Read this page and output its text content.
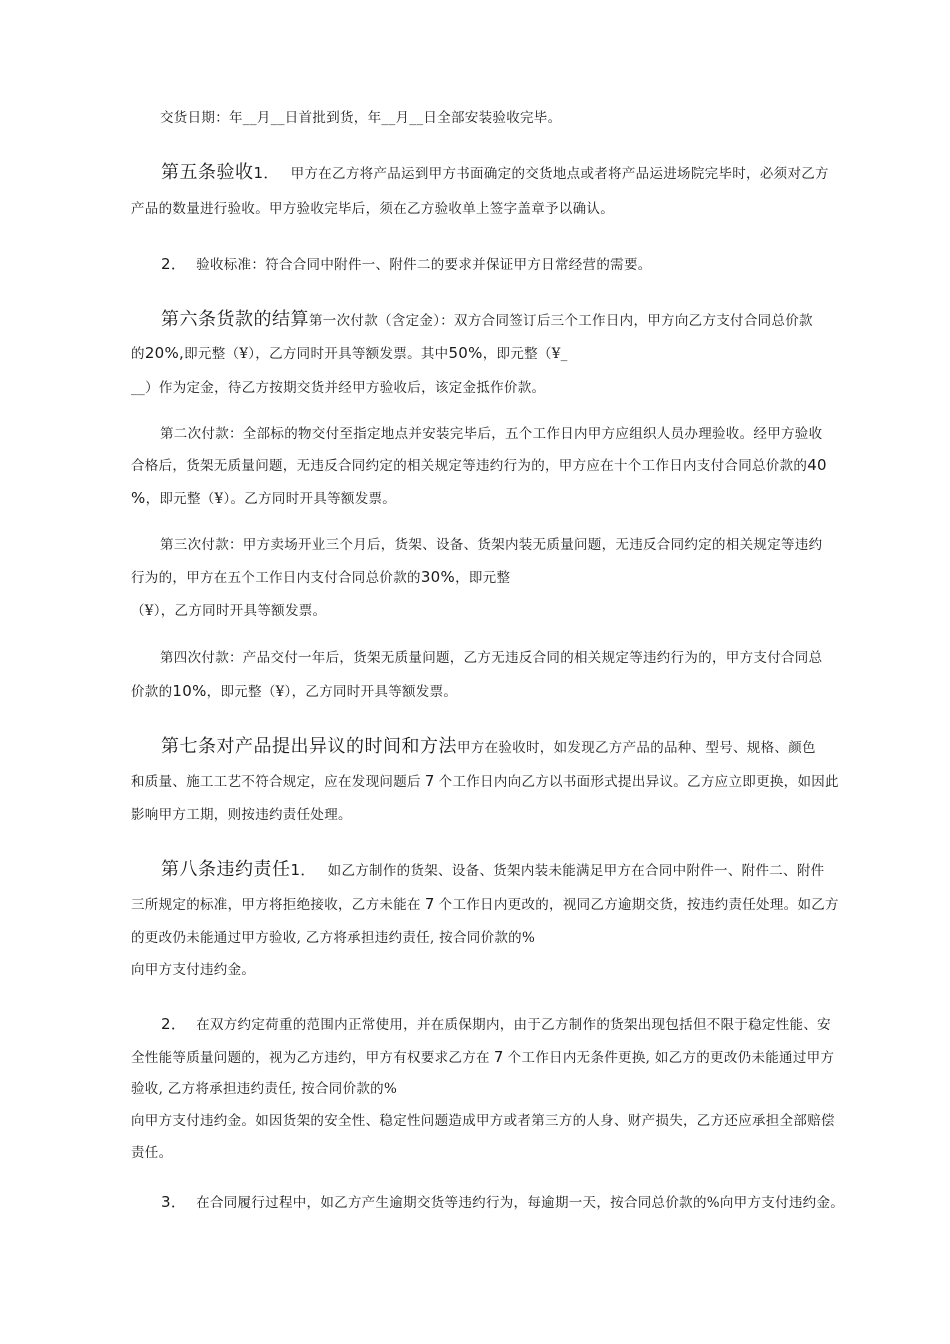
交货日期：年__月__日首批到货，年__月__日全部安装验收完毕。
第五条验收1． 甲方在乙方将产品运到甲方书面确定的交货地点或者将产品运进场院完毕时，必须对乙方
产品的数量进行验收。甲方验收完毕后，须在乙方验收单上签字盖章予以确认。
2． 验收标准：符合合同中附件一、附件二的要求并保证甲方日常经营的需要。
第六条货款的结算第一次付款（含定金）：双方合同签订后三个工作日内，甲方向乙方支付合同总价款
的20%,即元整（¥），乙方同时开具等额发票。其中50%，即元整（¥_
__）作为定金，待乙方按期交货并经甲方验收后，该定金抵作价款。
第二次付款：全部标的物交付至指定地点并安装完毕后，五个工作日内甲方应组织人员办理验收。经甲方验收
合格后，货架无质量问题，无违反合同约定的相关规定等违约行为的，甲方应在十个工作日内支付合同总价款的40
%，即元整（¥）。乙方同时开具等额发票。
第三次付款：甲方卖场开业三个月后，货架、设备、货架内装无质量问题，无违反合同约定的相关规定等违约
行为的，甲方在五个工作日内支付合同总价款的30%，即元整
（¥），乙方同时开具等额发票。
第四次付款：产品交付一年后，货架无质量问题，乙方无违反合同的相关规定等违约行为的，甲方支付合同总
价款的10%，即元整（¥），乙方同时开具等额发票。
第七条对产品提出异议的时间和方法甲方在验收时，如发现乙方产品的品种、型号、规格、颜色
和质量、施工工艺不符合规定，应在发现问题后 7 个工作日内向乙方以书面形式提出异议。乙方应立即更换，如因此
影响甲方工期，则按违约责任处理。
第八条违约责任1． 如乙方制作的货架、设备、货架内装未能满足甲方在合同中附件一、附件二、附件
三所规定的标准，甲方将拒绝接收，乙方未能在 7 个工作日内更改的，视同乙方逾期交货，按违约责任处理。如乙方
的更改仍未能通过甲方验收, 乙方将承担违约责任, 按合同价款的%
向甲方支付违约金。
2． 在双方约定荷重的范围内正常使用，并在质保期内，由于乙方制作的货架出现包括但不限于稳定性能、安
全性能等质量问题的，视为乙方违约，甲方有权要求乙方在 7 个工作日内无条件更换, 如乙方的更改仍未能通过甲方
验收, 乙方将承担违约责任, 按合同价款的%
向甲方支付违约金。如因货架的安全性、稳定性问题造成甲方或者第三方的人身、财产损失，乙方还应承担全部赔偿
责任。
3． 在合同履行过程中，如乙方产生逾期交货等违约行为，每逾期一天，按合同总价款的%向甲方支付违约金。
